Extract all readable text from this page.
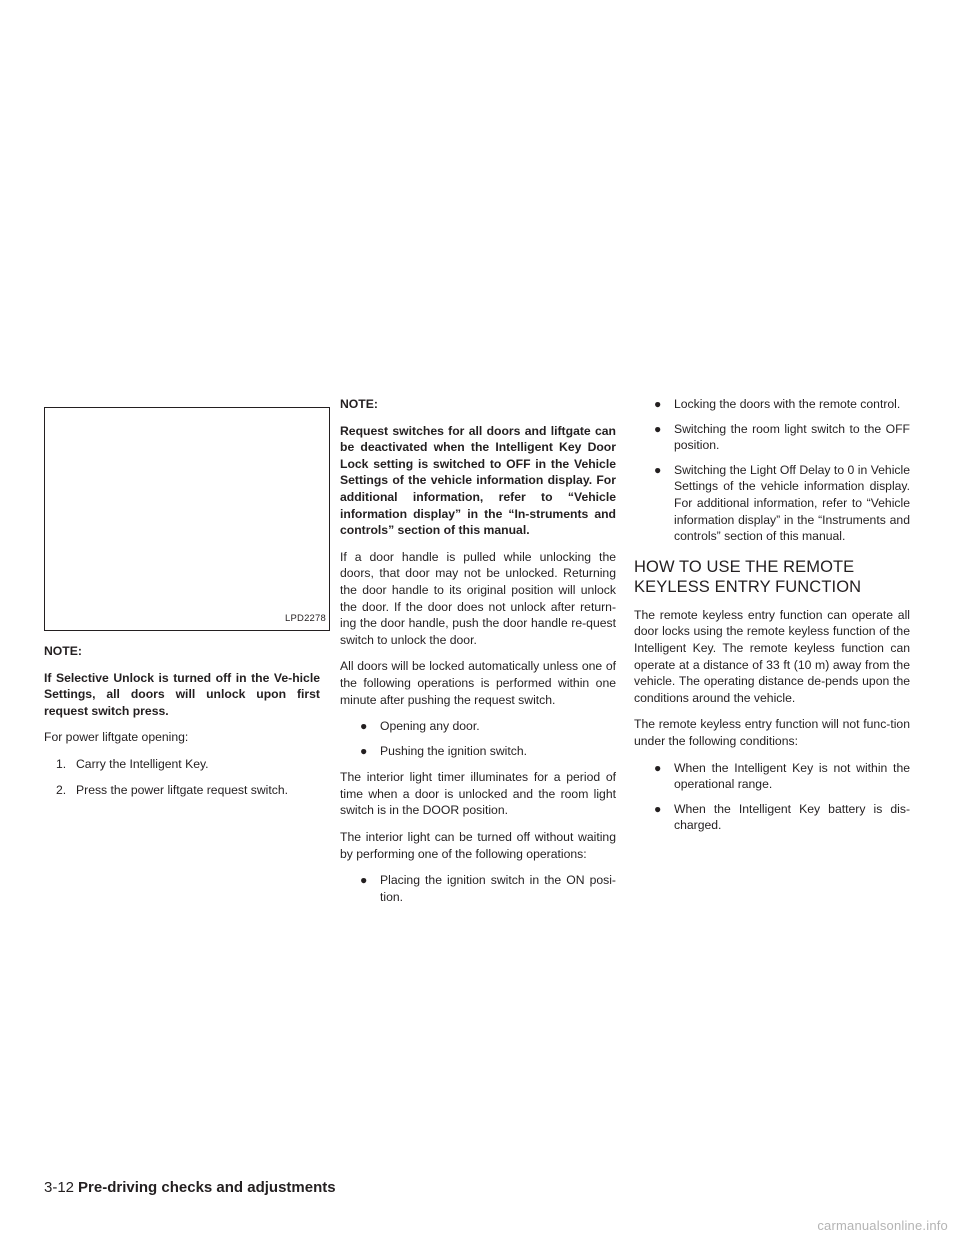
LPD2278

NOTE:

If Selective Unlock is turned off in the Ve-hicle Settings, all doors will unlock upon first request switch press.

For power liftgate opening:

1. Carry the Intelligent Key.
2. Press the power liftgate request switch.

NOTE:

Request switches for all doors and liftgate can be deactivated when the Intelligent Key Door Lock setting is switched to OFF in the Vehicle Settings of the vehicle information display. For additional information, refer to “Vehicle information display” in the “In-struments and controls” section of this manual.

If a door handle is pulled while unlocking the doors, that door may not be unlocked. Returning the door handle to its original position will unlock the door. If the door does not unlock after return-ing the door handle, push the door handle re-quest switch to unlock the door.

All doors will be locked automatically unless one of the following operations is performed within one minute after pushing the request switch.

● Opening any door.
● Pushing the ignition switch.

The interior light timer illuminates for a period of time when a door is unlocked and the room light switch is in the DOOR position.

The interior light can be turned off without waiting by performing one of the following operations:

● Placing the ignition switch in the ON posi-tion.
● Locking the doors with the remote control.
● Switching the room light switch to the OFF position.
● Switching the Light Off Delay to 0 in Vehicle Settings of the vehicle information display. For additional information, refer to “Vehicle information display” in the “Instruments and controls” section of this manual.
HOW TO USE THE REMOTE
KEYLESS ENTRY FUNCTION

The remote keyless entry function can operate all door locks using the remote keyless function of the Intelligent Key. The remote keyless function can operate at a distance of 33 ft (10 m) away from the vehicle. The operating distance de-pends upon the conditions around the vehicle.

The remote keyless entry function will not func-tion under the following conditions:

● When the Intelligent Key is not within the operational range.
● When the Intelligent Key battery is dis-charged.
3-12 Pre-driving checks and adjustments
carmanualsonline.info
